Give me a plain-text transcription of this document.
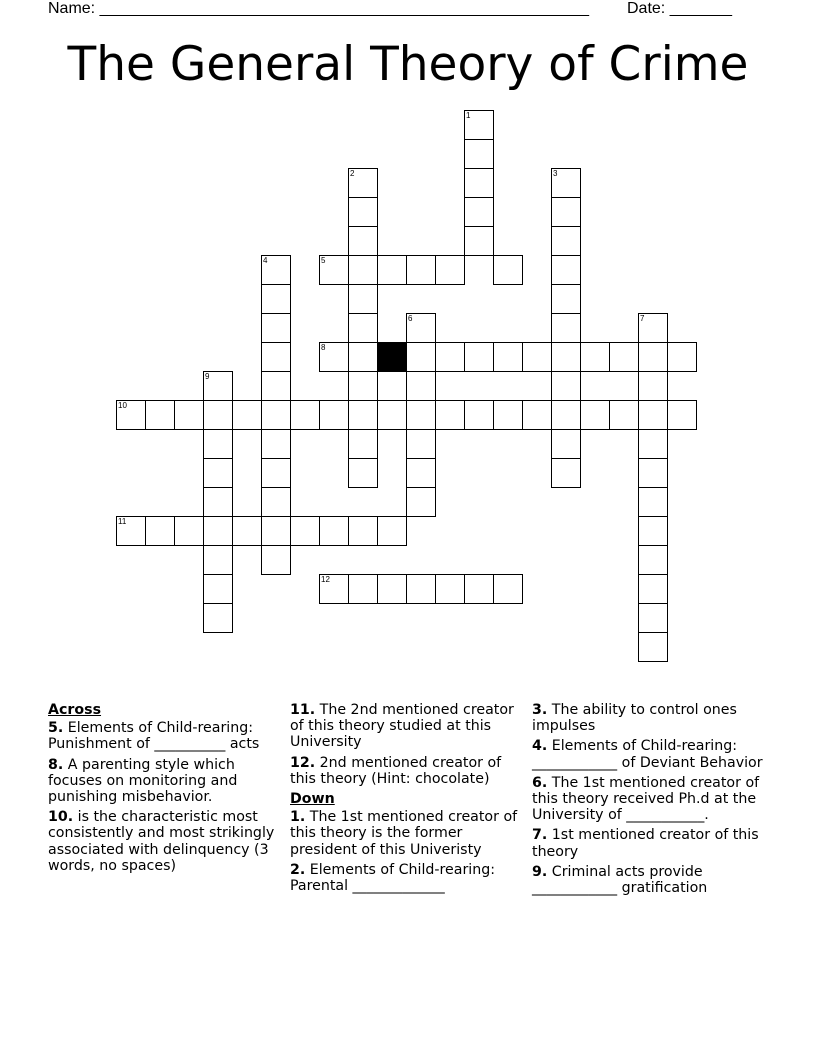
Name: _______________________________________________________ Date: _______
The General Theory of Crime
1
2	3
4	5
6	7
8
9
10
11
12
Across
5. Elements of Child-rearing: Punishment of __________ acts
8. A parenting style which focuses on monitoring and punishing misbehavior.
10. is the characteristic most consistently and most strikingly associated with delinquency (3 words, no spaces)
11. The 2nd mentioned creator of this theory studied at this University
12. 2nd mentioned creator of this theory (Hint: chocolate)
Down
1. The 1st mentioned creator of this theory is the former president of this Univeristy
2. Elements of Child-rearing: Parental _____________
3. The ability to control ones impulses
4. Elements of Child-rearing: ____________ of Deviant Behavior
6. The 1st mentioned creator of this theory received Ph.d at the University of ___________.
7. 1st mentioned creator of this theory
9. Criminal acts provide ____________ gratification
